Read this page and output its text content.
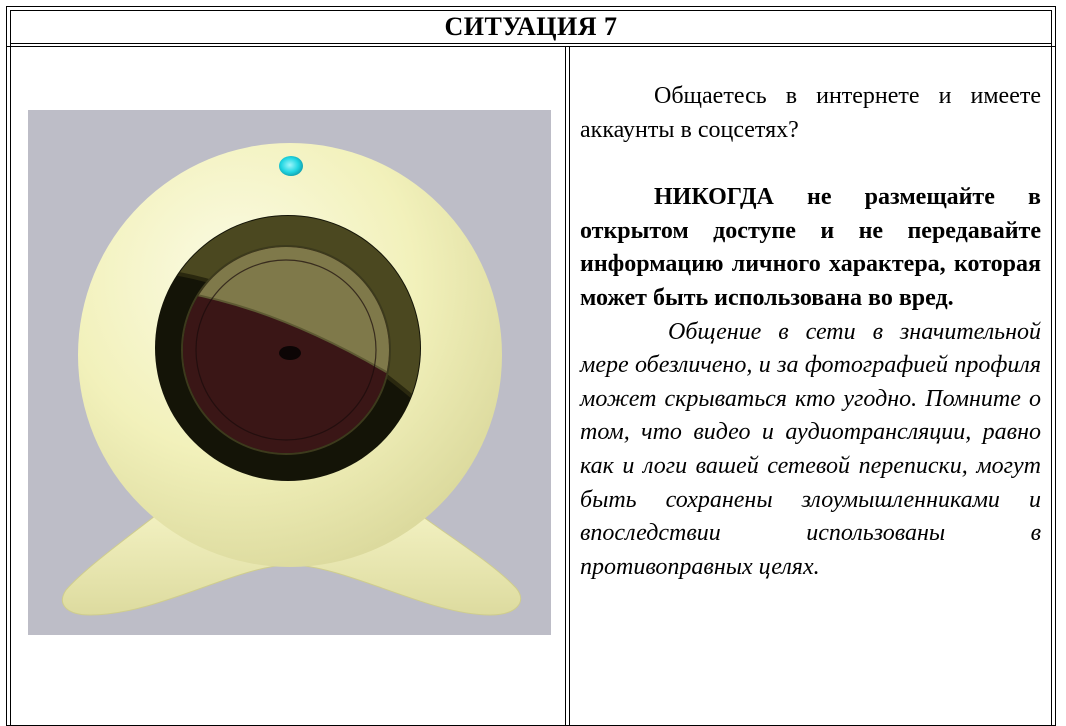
СИТУАЦИЯ 7

Общаетесь в интернете и имеете аккаунты в соцсетях?

НИКОГДА не размещайте в открытом доступе и не передавайте информацию личного характера, которая может быть использована во вред.

Общение в сети в значительной мере обезличено, и за фотографией профиля может скрываться кто угодно. Помните о том, что видео и аудиотрансляции, равно как и логи вашей сетевой переписки, могут быть сохранены злоумышленниками и впоследствии использованы в противоправных целях.
